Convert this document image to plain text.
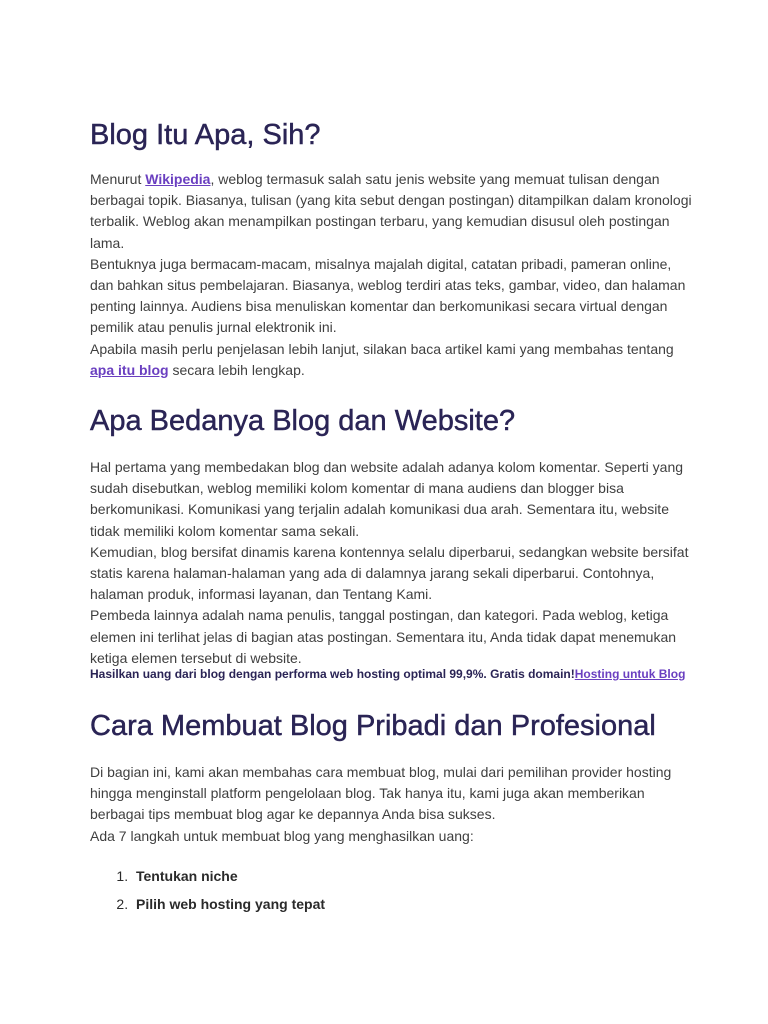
Blog Itu Apa, Sih?

Menurut Wikipedia, weblog termasuk salah satu jenis website yang memuat tulisan dengan berbagai topik. Biasanya, tulisan (yang kita sebut dengan postingan) ditampilkan dalam kronologi terbalik. Weblog akan menampilkan postingan terbaru, yang kemudian disusul oleh postingan lama.

Bentuknya juga bermacam-macam, misalnya majalah digital, catatan pribadi, pameran online, dan bahkan situs pembelajaran. Biasanya, weblog terdiri atas teks, gambar, video, dan halaman penting lainnya. Audiens bisa menuliskan komentar dan berkomunikasi secara virtual dengan pemilik atau penulis jurnal elektronik ini.

Apabila masih perlu penjelasan lebih lanjut, silakan baca artikel kami yang membahas tentang apa itu blog secara lebih lengkap.

Apa Bedanya Blog dan Website?

Hal pertama yang membedakan blog dan website adalah adanya kolom komentar. Seperti yang sudah disebutkan, weblog memiliki kolom komentar di mana audiens dan blogger bisa berkomunikasi. Komunikasi yang terjalin adalah komunikasi dua arah. Sementara itu, website tidak memiliki kolom komentar sama sekali.

Kemudian, blog bersifat dinamis karena kontennya selalu diperbarui, sedangkan website bersifat statis karena halaman-halaman yang ada di dalamnya jarang sekali diperbarui. Contohnya, halaman produk, informasi layanan, dan Tentang Kami.

Pembeda lainnya adalah nama penulis, tanggal postingan, dan kategori. Pada weblog, ketiga elemen ini terlihat jelas di bagian atas postingan. Sementara itu, Anda tidak dapat menemukan ketiga elemen tersebut di website.

Hasilkan uang dari blog dengan performa web hosting optimal 99,9%. Gratis domain!Hosting untuk Blog
Cara Membuat Blog Pribadi dan Profesional

Di bagian ini, kami akan membahas cara membuat blog, mulai dari pemilihan provider hosting hingga menginstall platform pengelolaan blog. Tak hanya itu, kami juga akan memberikan berbagai tips membuat blog agar ke depannya Anda bisa sukses.

Ada 7 langkah untuk membuat blog yang menghasilkan uang:

1. Tentukan niche
2. Pilih web hosting yang tepat
